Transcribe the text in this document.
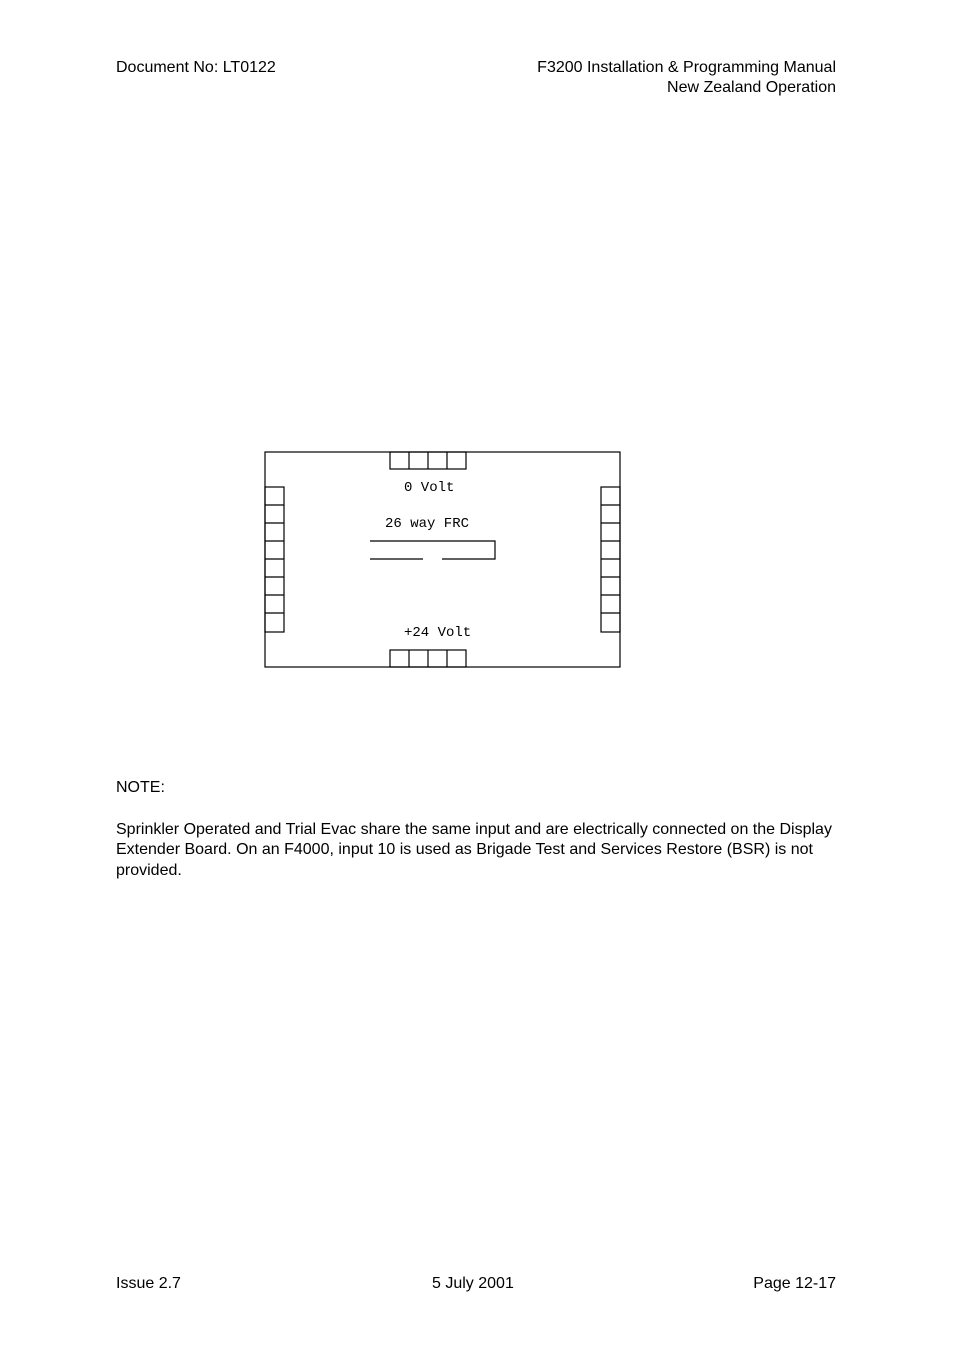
Document No: LT0122	F3200 Installation & Programming Manual
New Zealand Operation
0 Volt
26 way FRC
+24 Volt
NOTE:
Sprinkler Operated and Trial Evac share the same input and are electrically connected on the Display Extender Board. On an F4000, input 10 is used as Brigade Test and Services Restore (BSR) is not provided.
Issue 2.7	5 July 2001	Page 12-17
